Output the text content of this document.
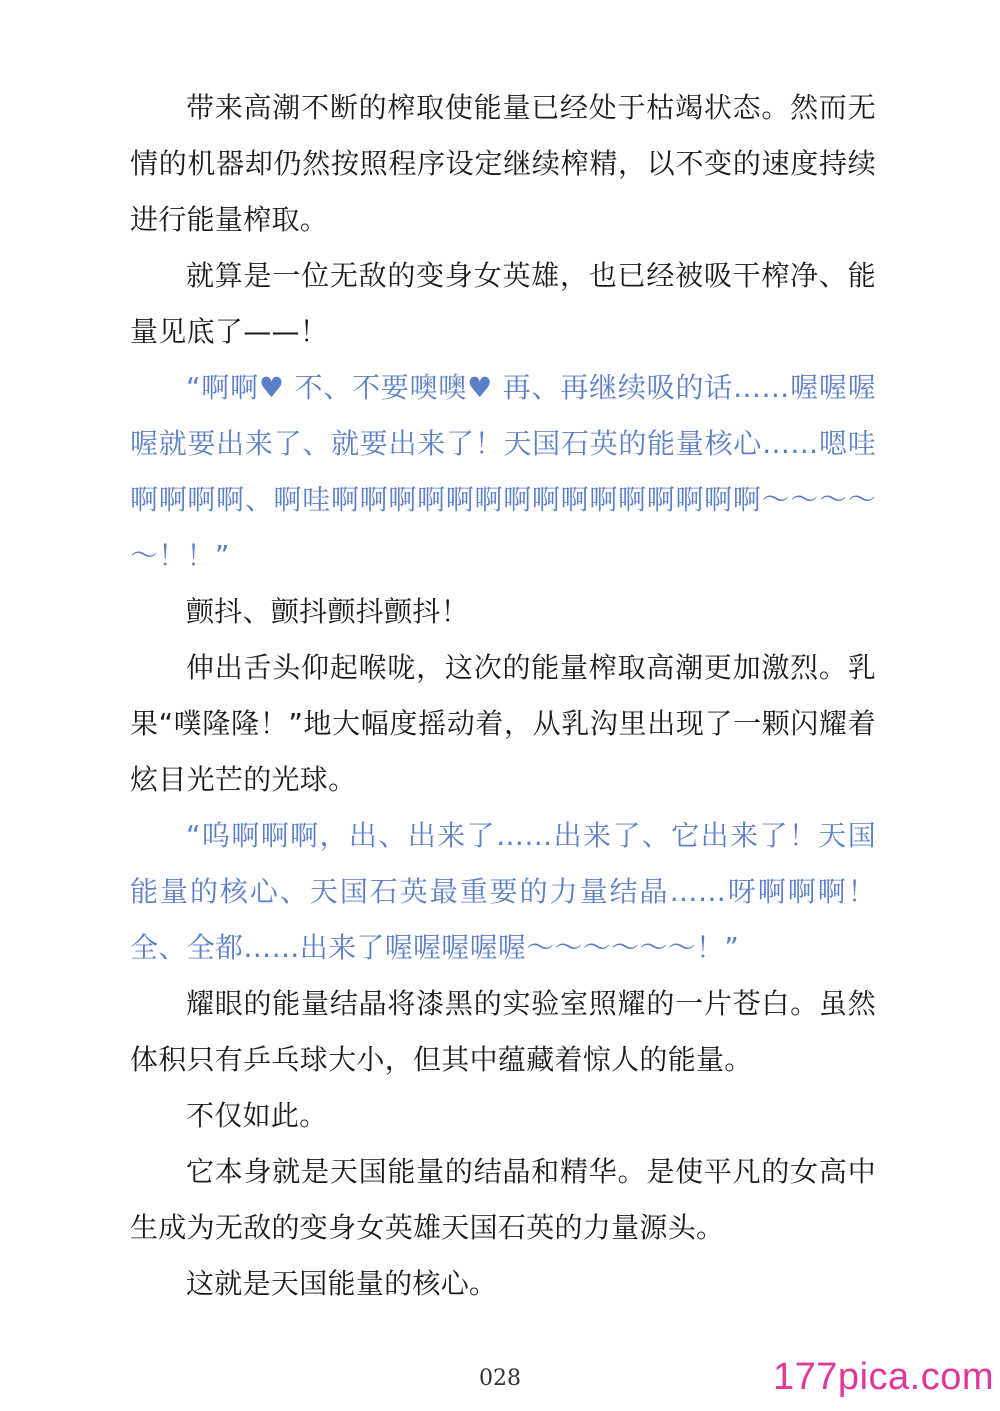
带来高潮不断的榨取使能量已经处于枯竭状态。然而无情的机器却仍然按照程序设定继续榨精，以不变的速度持续进行能量榨取。

就算是一位无敌的变身女英雄，也已经被吸干榨净、能量见底了——！

“啊啊♥ 不、不要噢噢♥ 再、再继续吸的话……喔喔喔喔就要出来了、就要出来了！天国石英的能量核心……嗯哇啊啊啊啊、啊哇啊啊啊啊啊啊啊啊啊啊啊啊啊啊啊～～～～～！！”

颤抖、颤抖颤抖颤抖！

伸出舌头仰起喉咙，这次的能量榨取高潮更加激烈。乳果“噗隆隆！”地大幅度摇动着，从乳沟里出现了一颗闪耀着炫目光芒的光球。

“呜啊啊啊，出、出来了……出来了、它出来了！天国能量的核心、天国石英最重要的力量结晶……呀啊啊啊！全、全都……出来了喔喔喔喔喔～～～～～～！”

耀眼的能量结晶将漆黑的实验室照耀的一片苍白。虽然体积只有乒乓球大小，但其中蕴藏着惊人的能量。

不仅如此。

它本身就是天国能量的结晶和精华。是使平凡的女高中生成为无敌的变身女英雄天国石英的力量源头。

这就是天国能量的核心。

028	177pica.com
